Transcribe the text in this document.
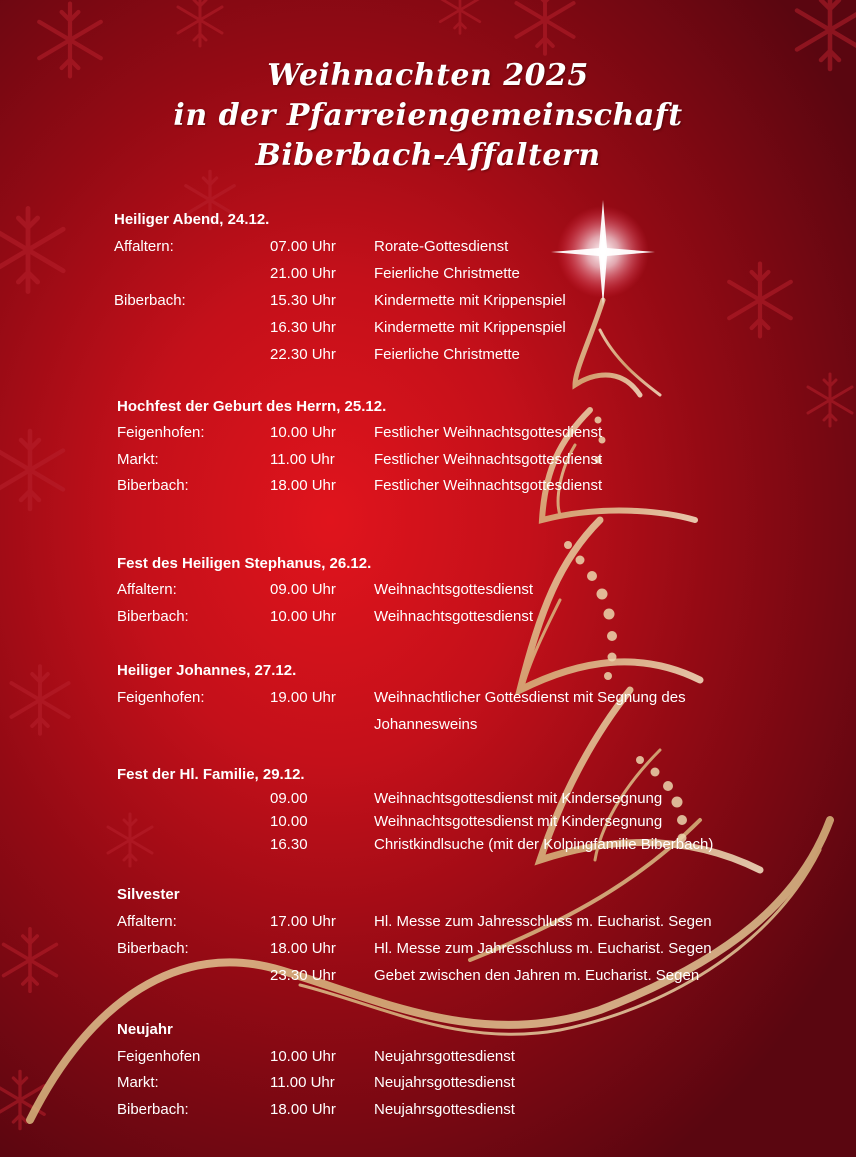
Weihnachten 2025
in der Pfarreiengemeinschaft
Biberbach-Affaltern
Heiliger Abend, 24.12.
Affaltern:	07.00 Uhr	Rorate-Gottesdienst
21.00 Uhr	Feierliche Christmette
Biberbach:	15.30 Uhr	Kindermette mit Krippenspiel
16.30 Uhr	Kindermette mit Krippenspiel
22.30 Uhr	Feierliche Christmette
Hochfest der Geburt des Herrn, 25.12.
Feigenhofen:	10.00 Uhr	Festlicher Weihnachtsgottesdienst
Markt:	11.00 Uhr	Festlicher Weihnachtsgottesdienst
Biberbach:	18.00 Uhr	Festlicher Weihnachtsgottesdienst
Fest des Heiligen Stephanus, 26.12.
Affaltern:	09.00 Uhr	Weihnachtsgottesdienst
Biberbach:	10.00 Uhr	Weihnachtsgottesdienst
Heiliger Johannes, 27.12.
Feigenhofen:	19.00 Uhr	Weihnachtlicher Gottesdienst mit Segnung des
Johannesweins
Fest der Hl. Familie, 29.12.
09.00	Weihnachtsgottesdienst mit Kindersegnung
10.00	Weihnachtsgottesdienst mit Kindersegnung
16.30	Christkindlsuche (mit der Kolpingfamilie Biberbach)
Silvester
Affaltern:	17.00 Uhr	Hl. Messe zum Jahresschluss m. Eucharist. Segen
Biberbach:	18.00 Uhr	Hl. Messe zum Jahresschluss m. Eucharist. Segen
23.30 Uhr	Gebet zwischen den Jahren m. Eucharist. Segen
Neujahr
Feigenhofen	10.00 Uhr	Neujahrsgottesdienst
Markt:	11.00 Uhr	Neujahrsgottesdienst
Biberbach:	18.00 Uhr	Neujahrsgottesdienst
